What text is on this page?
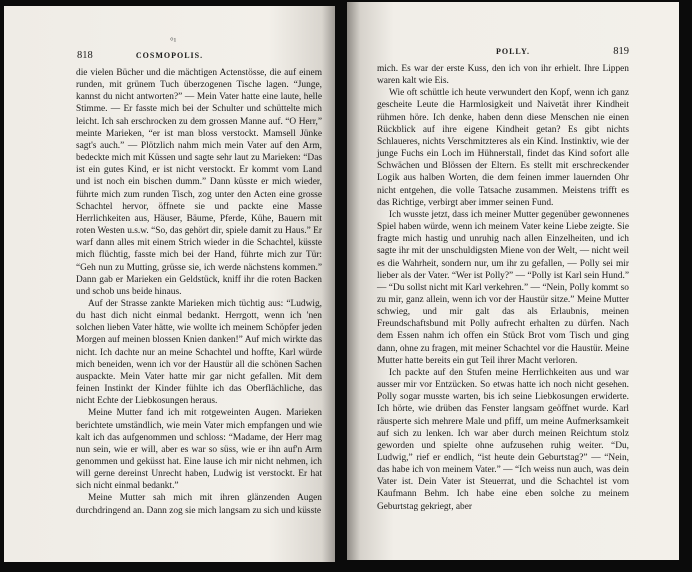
°¹
818	COSMOPOLIS.

die vielen Bücher und die mächtigen Actenstösse, die auf einem runden, mit grünem Tuch überzogenen Tische lagen. “Junge, kannst du nicht antworten?” — Mein Vater hatte eine laute, helle Stimme. — Er fasste mich bei der Schulter und schüttelte mich leicht. Ich sah erschrocken zu dem grossen Manne auf. “O Herr,” meinte Marieken, “er ist man bloss verstockt. Mamsell Jünke sagt's auch.” — Plötzlich nahm mich mein Vater auf den Arm, bedeckte mich mit Küssen und sagte sehr laut zu Marieken: “Das ist ein gutes Kind, er ist nicht verstockt. Er kommt vom Land und ist noch ein bischen dumm.” Dann küsste er mich wieder, führte mich zum runden Tisch, zog unter den Acten eine grosse Schachtel hervor, öffnete sie und packte eine Masse Herrlichkeiten aus, Häuser, Bäume, Pferde, Kühe, Bauern mit roten Westen u.s.w. “So, das gehört dir, spiele damit zu Haus.” Er warf dann alles mit einem Strich wieder in die Schachtel, küsste mich flüchtig, fasste mich bei der Hand, führte mich zur Tür: “Geh nun zu Mutting, grüsse sie, ich werde nächstens kommen.” Dann gab er Marieken ein Geldstück, kniff ihr die roten Backen und schob uns beide hinaus.

Auf der Strasse zankte Marieken mich tüchtig aus: “Ludwig, du hast dich nicht einmal bedankt. Herrgott, wenn ich 'nen solchen lieben Vater hätte, wie wollte ich meinem Schöpfer jeden Morgen auf meinen blossen Knien danken!” Auf mich wirkte das nicht. Ich dachte nur an meine Schachtel und hoffte, Karl würde mich beneiden, wenn ich vor der Haustür all die schönen Sachen auspackte. Mein Vater hatte mir gar nicht gefallen. Mit dem feinen Instinkt der Kinder fühlte ich das Oberflächliche, das nicht Echte der Liebkosungen heraus.

Meine Mutter fand ich mit rotgeweinten Augen. Marieken berichtete umständlich, wie mein Vater mich empfangen und wie kalt ich das aufgenommen und schloss: “Madame, der Herr mag nun sein, wie er will, aber es war so süss, wie er ihn auf'n Arm genommen und geküsst hat. Eine lause ich mir nicht nehmen, ich will gerne dereinst Unrecht haben, Ludwig ist verstockt. Er hat sich nicht einmal bedankt.”

Meine Mutter sah mich mit ihren glänzenden Augen durchdringend an. Dann zog sie mich langsam zu sich und küsste

POLLY.	819

mich. Es war der erste Kuss, den ich von ihr erhielt. Ihre Lippen waren kalt wie Eis.

Wie oft schüttle ich heute verwundert den Kopf, wenn ich ganz gescheite Leute die Harmlosigkeit und Naivetät ihrer Kindheit rühmen höre. Ich denke, haben denn diese Menschen nie einen Rückblick auf ihre eigene Kindheit getan? Es gibt nichts Schlaueres, nichts Verschmitzteres als ein Kind. Instinktiv, wie der junge Fuchs ein Loch im Hühnerstall, findet das Kind sofort alle Schwächen und Blössen der Eltern. Es stellt mit erschreckender Logik aus halben Worten, die dem feinen immer lauernden Ohr nicht entgehen, die volle Tatsache zusammen. Meistens trifft es das Richtige, verbirgt aber immer seinen Fund.

Ich wusste jetzt, dass ich meiner Mutter gegenüber gewonnenes Spiel haben würde, wenn ich meinem Vater keine Liebe zeigte. Sie fragte mich hastig und unruhig nach allen Einzelheiten, und ich sagte ihr mit der unschuldigsten Miene von der Welt, — nicht weil es die Wahrheit, sondern nur, um ihr zu gefallen, — Polly sei mir lieber als der Vater. “Wer ist Polly?” — “Polly ist Karl sein Hund.” — “Du sollst nicht mit Karl verkehren.” — “Nein, Polly kommt so zu mir, ganz allein, wenn ich vor der Haustür sitze.” Meine Mutter schwieg, und mir galt das als Erlaubnis, meinen Freundschaftsbund mit Polly aufrecht erhalten zu dürfen. Nach dem Essen nahm ich offen ein Stück Brot vom Tisch und ging dann, ohne zu fragen, mit meiner Schachtel vor die Haustür. Meine Mutter hatte bereits ein gut Teil ihrer Macht verloren.

Ich packte auf den Stufen meine Herrlichkeiten aus und war ausser mir vor Entzücken. So etwas hatte ich noch nicht gesehen. Polly sogar musste warten, bis ich seine Liebkosungen erwiderte. Ich hörte, wie drüben das Fenster langsam geöffnet wurde. Karl räusperte sich mehrere Male und pfiff, um meine Aufmerksamkeit auf sich zu lenken. Ich war aber durch meinen Reichtum stolz geworden und spielte ohne aufzusehen ruhig weiter. “Du, Ludwig,” rief er endlich, “ist heute dein Geburtstag?” — “Nein, das habe ich von meinem Vater.” — “Ich weiss nun auch, was dein Vater ist. Dein Vater ist Steuerrat, und die Schachtel ist vom Kaufmann Behm. Ich habe eine eben solche zu meinem Geburtstag gekriegt, aber
